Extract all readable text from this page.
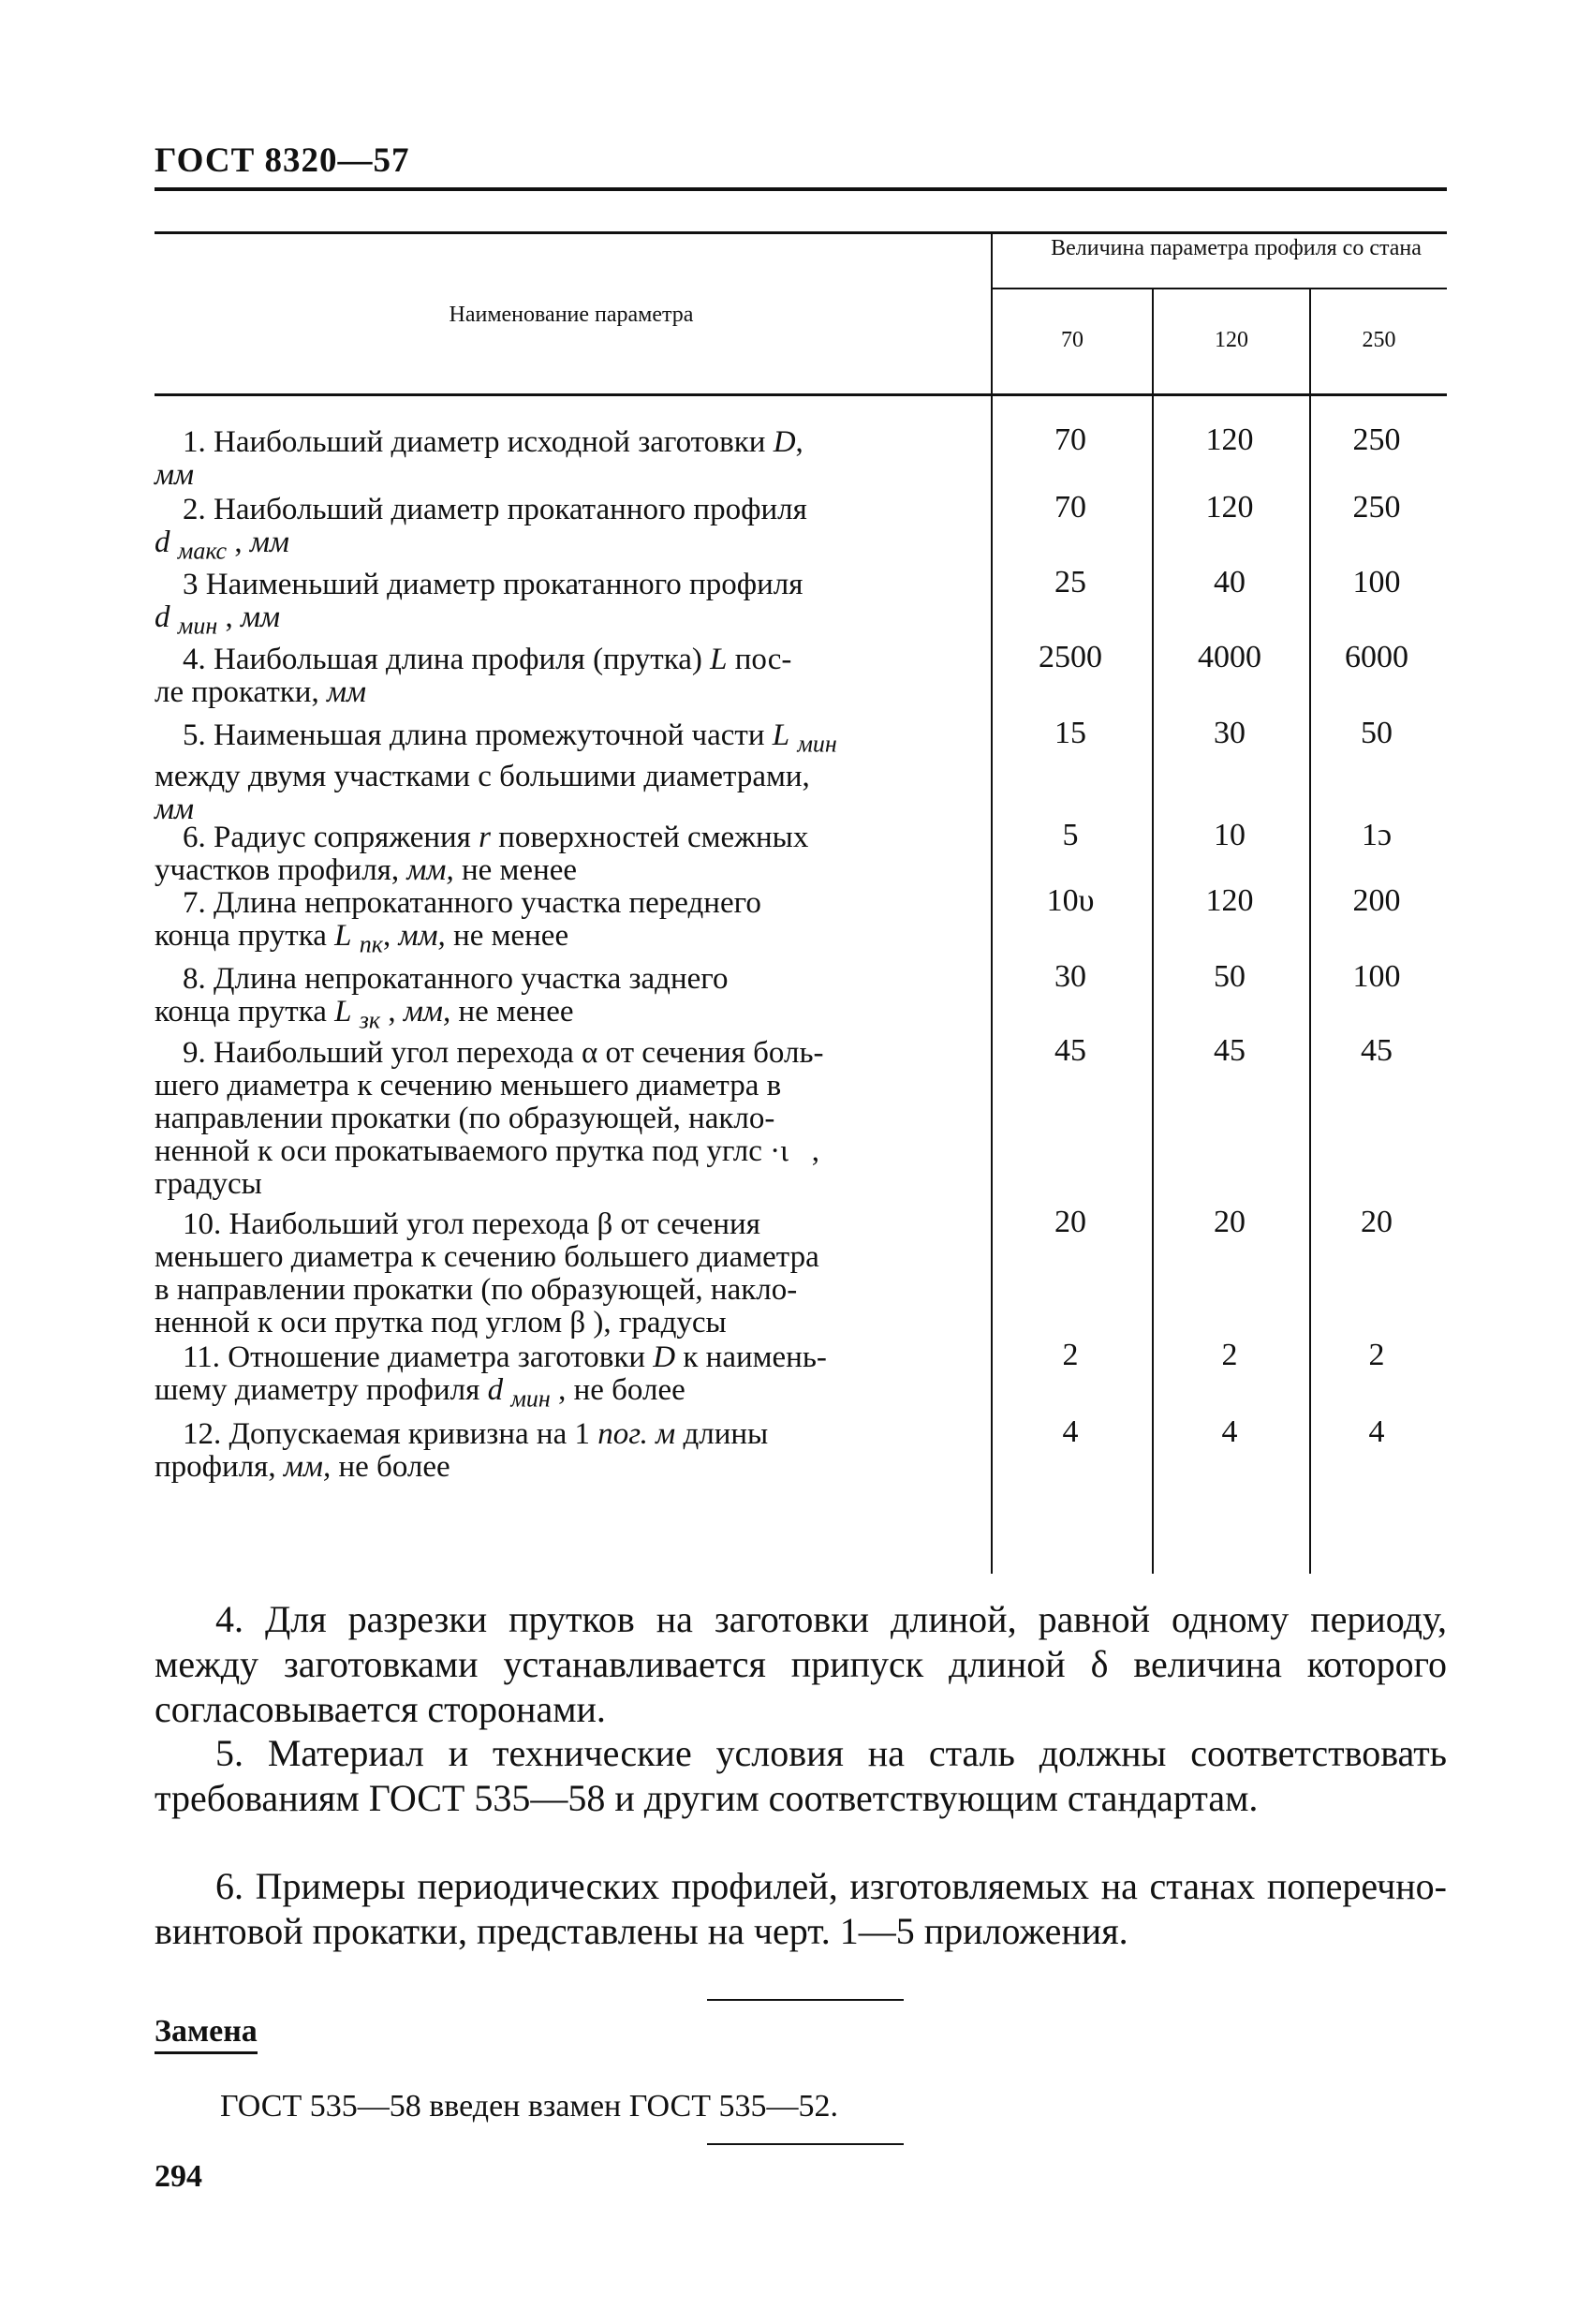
ГОСТ 8320—57
Наименование параметра
Величина параметра профиля со стана
70	120	250
1. Наибольший диаметр исходной заготовки D,
мм
70	120	250
2. Наибольший диаметр прокатанного профиля
d $_{макс}$ , мм
70	120	250
3 Наименьший диаметр прокатанного профиля
d $_{мин}$ , мм
25	40	100
4. Наибольшая длина профиля (прутка) L пос-
ле прокатки, мм
2500	4000	6000
5. Наименьшая длина промежуточной части L $_{мин}$
между двумя участками с большими диаметрами,
мм
15	30	50
6. Радиус сопряжения r поверхностей смежных
участков профиля, мм, не менее
5	10	1ɔ
7. Длина непрокатанного участка переднего
конца прутка L $_{пк}$, мм, не менее
10υ	120	200
8. Длина непрокатанного участка заднего
конца прутка L $_{зк}$ , мм, не менее
30	50	100
9. Наибольший угол перехода α от сечения боль-
шего диаметра к сечению меньшего диаметра в
направлении прокатки (по образующей, накло-
ненной к оси прокатываемого прутка под углс ·ι   ,
градусы
45	45	45
10. Наибольший угол перехода β от сечения
меньшего диаметра к сечению большего диаметра
в направлении прокатки (по образующей, накло-
ненной к оси прутка под углом β ), градусы
20	20	20
11. Отношение диаметра заготовки D к наимень-
шему диаметру профиля d $_{мин}$ , не более
2	2	2
12. Допускаемая кривизна на 1 пог. м длины
профиля, мм, не более
4	4	4
4. Для разрезки прутков на заготовки длиной, равной одному периоду, между заготовками устанавливается припуск длиной δ величина которого согласовывается сторонами.
5. Материал и технические условия на сталь должны соответствовать требованиям ГОСТ 535—58 и другим соответствующим стандартам.
6. Примеры периодических профилей, изготовляемых на станах поперечно-винтовой прокатки, представлены на черт. 1—5 приложения.
Замена
ГОСТ 535—58 введен взамен ГОСТ 535—52.
294
